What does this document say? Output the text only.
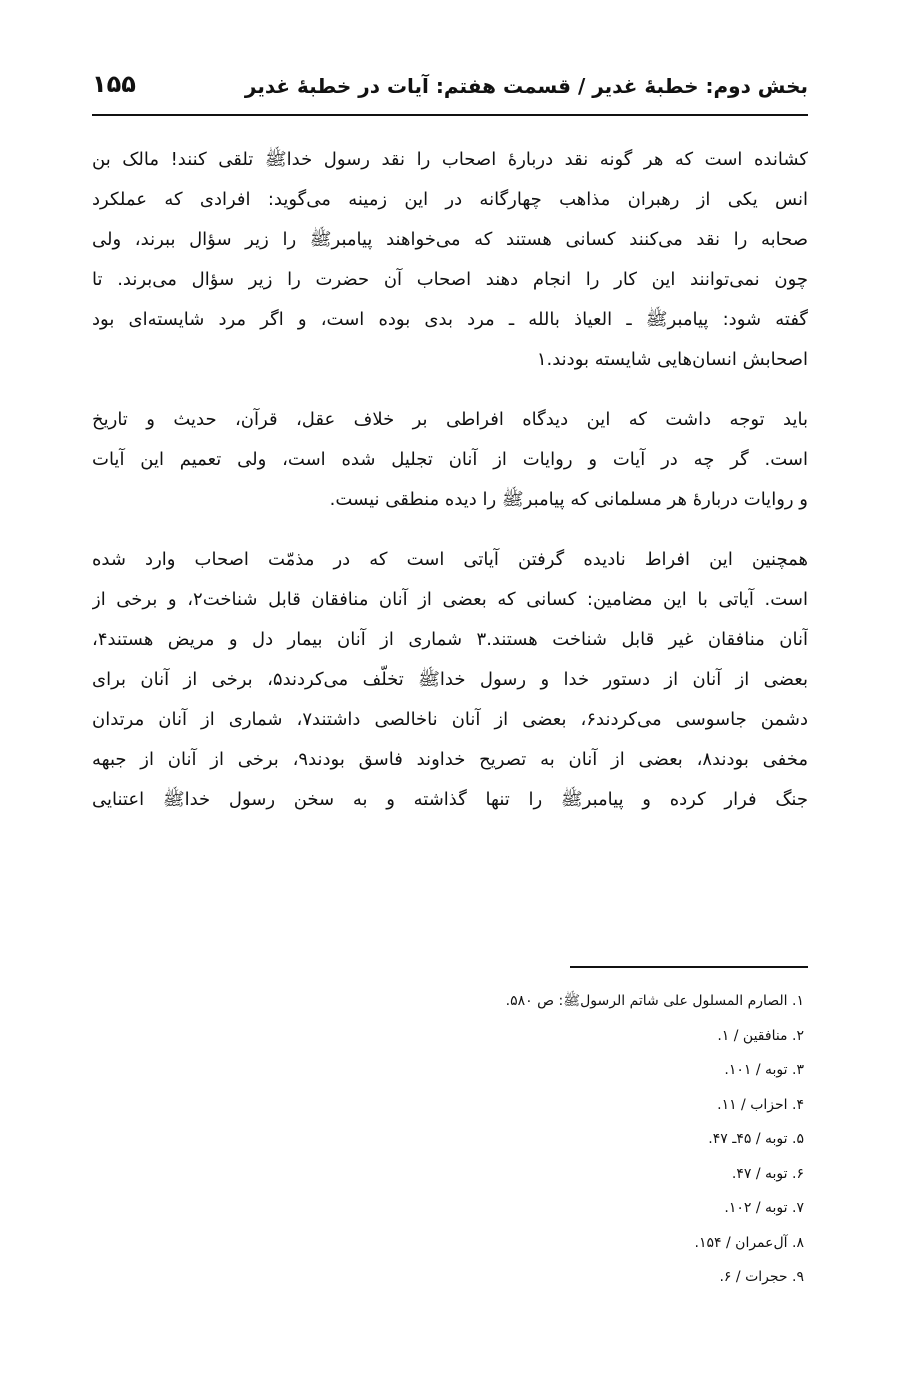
بخش دوم: خطبهٔ غدیر / قسمت هفتم: آیات در خطبهٔ غدیر
۱۵۵
کشانده است که هر گونه نقد دربارهٔ اصحاب را نقد رسول خداﷺ تلقی کنند! مالک بن
انس یکی از رهبران مذاهب چهارگانه در این زمینه می‌گوید: افرادی که عملکرد
صحابه را نقد می‌کنند کسانی هستند که می‌خواهند پیامبرﷺ را زیر سؤال ببرند، ولی
چون نمی‌توانند این کار را انجام دهند اصحاب آن حضرت را زیر سؤال می‌برند. تا
گفته شود: پیامبرﷺ ـ العیاذ بالله ـ مرد بدی بوده است، و اگر مرد شایسته‌ای بود
اصحابش انسان‌هایی شایسته بودند.۱
باید توجه داشت که این دیدگاه افراطی بر خلاف عقل، قرآن، حدیث و تاریخ
است. گر چه در آیات و روایات از آنان تجلیل شده است، ولی تعمیم این آیات
و روایات دربارهٔ هر مسلمانی که پیامبرﷺ را دیده منطقی نیست.
همچنین این افراط نادیده گرفتن آیاتی است که در مذمّت اصحاب وارد شده
است. آیاتی با این مضامین: کسانی که بعضی از آنان منافقان قابل شناخت۲، و برخی از
آنان منافقان غیر قابل شناخت هستند.۳ شماری از آنان بیمار دل و مریض هستند۴،
بعضی از آنان از دستور خدا و رسول خداﷺ تخلّف می‌کردند۵، برخی از آنان برای
دشمن جاسوسی می‌کردند۶، بعضی از آنان ناخالصی داشتند۷، شماری از آنان مرتدان
مخفی بودند۸، بعضی از آنان به تصریح خداوند فاسق بودند۹، برخی از آنان از جبهه
جنگ فرار کرده و پیامبرﷺ را تنها گذاشته و به سخن رسول خداﷺ اعتنایی
۱. الصارم المسلول علی شاتم الرسولﷺ: ص ۵۸۰.
۲. منافقین / ۱.
۳. توبه / ۱۰۱.
۴. احزاب / ۱۱.
۵. توبه / ۴۵ـ ۴۷.
۶. توبه / ۴۷.
۷. توبه / ۱۰۲.
۸. آل‌عمران / ۱۵۴.
۹. حجرات / ۶.
